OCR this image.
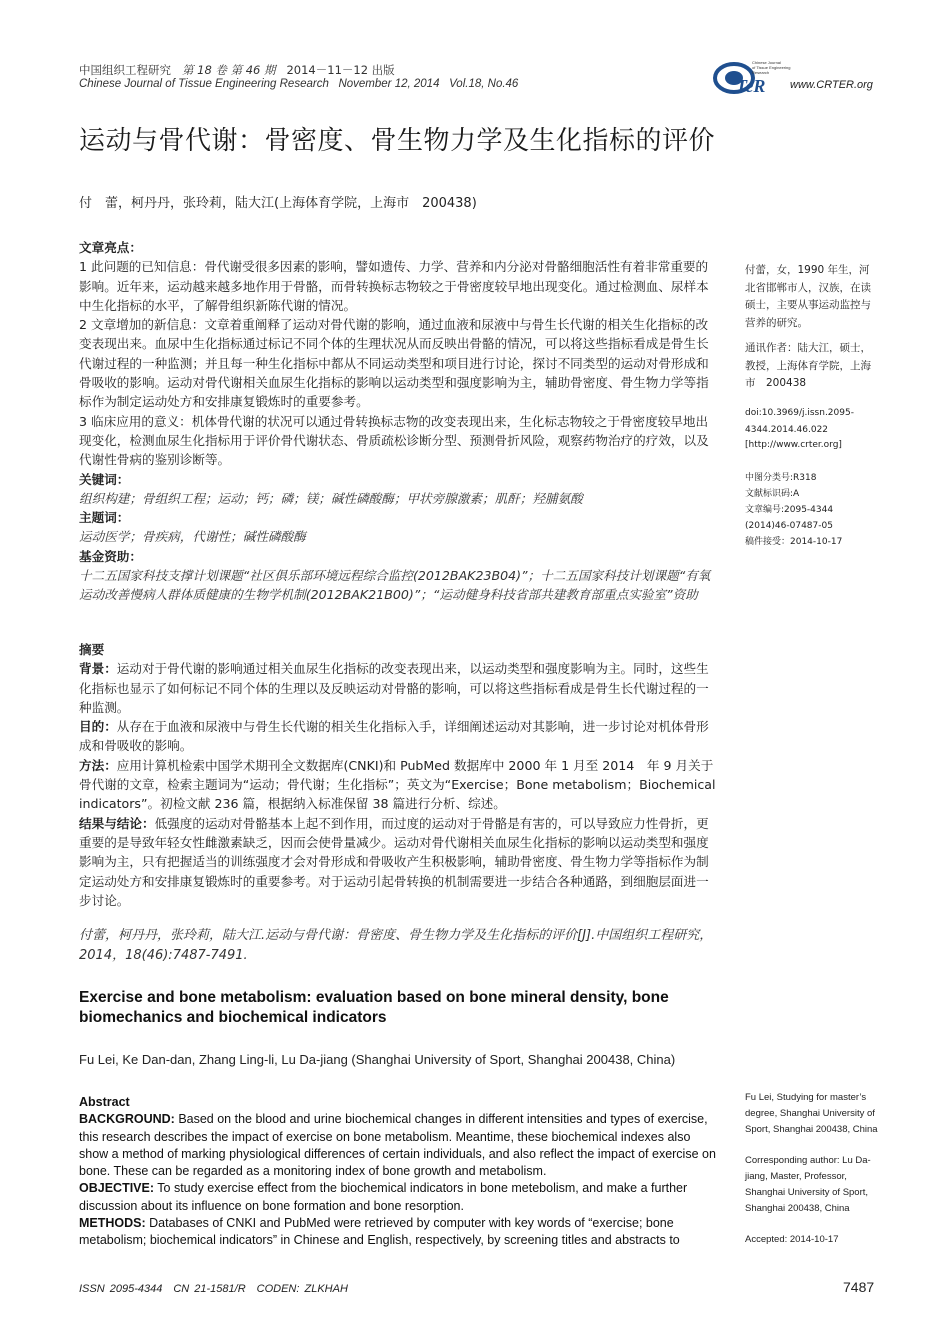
中国组织工程研究 第 18 卷 第 46 期 2014－11－12 出版
Chinese Journal of Tissue Engineering Research November 12, 2014 Vol.18, No.46	TeR
Chinese Journal
of Tissue Engineering
Research
www.CRTER.org
运动与骨代谢：骨密度、骨生物力学及生化指标的评价
付　蕾，柯丹丹，张玲莉，陆大江(上海体育学院，上海市　200438)

文章亮点：

1 此问题的已知信息：骨代谢受很多因素的影响，譬如遗传、力学、营养和内分泌对骨骼细胞活性有着非常重要的影响。近年来，运动越来越多地作用于骨骼，而骨转换标志物较之于骨密度较早地出现变化。通过检测血、尿样本中生化指标的水平，了解骨组织新陈代谢的情况。

2 文章增加的新信息：文章着重阐释了运动对骨代谢的影响，通过血液和尿液中与骨生长代谢的相关生化指标的改变表现出来。血尿中生化指标通过标记不同个体的生理状况从而反映出骨骼的情况，可以将这些指标看成是骨生长代谢过程的一种监测；并且每一种生化指标中都从不同运动类型和项目进行讨论，探讨不同类型的运动对骨形成和骨吸收的影响。运动对骨代谢相关血尿生化指标的影响以运动类型和强度影响为主，辅助骨密度、骨生物力学等指标作为制定运动处方和安排康复锻炼时的重要参考。

3 临床应用的意义：机体骨代谢的状况可以通过骨转换标志物的改变表现出来，生化标志物较之于骨密度较早地出现变化，检测血尿生化指标用于评价骨代谢状态、骨质疏松诊断分型、预测骨折风险，观察药物治疗的疗效，以及代谢性骨病的鉴别诊断等。

关键词：

组织构建；骨组织工程；运动；钙；磷；镁；碱性磷酸酶；甲状旁腺激素；肌酐；羟脯氨酸

主题词：

运动医学；骨疾病，代谢性；碱性磷酸酶

基金资助：

十二五国家科技支撑计划课题“社区俱乐部环境远程综合监控(2012BAK23B04)”；十二五国家科技计划课题“有氧运动改善慢病人群体质健康的生物学机制(2012BAK21B00)”；“运动健身科技省部共建教育部重点实验室”资助

摘要

背景：运动对于骨代谢的影响通过相关血尿生化指标的改变表现出来，以运动类型和强度影响为主。同时，这些生化指标也显示了如何标记不同个体的生理以及反映运动对骨骼的影响，可以将这些指标看成是骨生长代谢过程的一种监测。

目的：从存在于血液和尿液中与骨生长代谢的相关生化指标入手，详细阐述运动对其影响，进一步讨论对机体骨形成和骨吸收的影响。

方法：应用计算机检索中国学术期刊全文数据库(CNKI)和 PubMed 数据库中 2000 年 1 月至 2014　年 9 月关于骨代谢的文章，检索主题词为“运动；骨代谢；生化指标”；英文为“Exercise；Bone metabolism；Biochemical indicators”。初检文献 236 篇，根据纳入标准保留 38 篇进行分析、综述。

结果与结论：低强度的运动对骨骼基本上起不到作用，而过度的运动对于骨骼是有害的，可以导致应力性骨折，更重要的是导致年轻女性雌激素缺乏，因而会使骨量减少。运动对骨代谢相关血尿生化指标的影响以运动类型和强度影响为主，只有把握适当的训练强度才会对骨形成和骨吸收产生积极影响，辅助骨密度、骨生物力学等指标作为制定运动处方和安排康复锻炼时的重要参考。对于运动引起骨转换的机制需要进一步结合各种通路，到细胞层面进一步讨论。

付蕾，柯丹丹，张玲莉，陆大江.运动与骨代谢：骨密度、骨生物力学及生化指标的评价[J].中国组织工程研究，2014，18(46):7487-7491.
Exercise and bone metabolism: evaluation based on bone mineral density, bone biomechanics and biochemical indicators
Fu Lei, Ke Dan-dan, Zhang Ling-li, Lu Da-jiang (Shanghai University of Sport, Shanghai 200438, China)

Abstract

BACKGROUND: Based on the blood and urine biochemical changes in different intensities and types of exercise, this research describes the impact of exercise on bone metabolism. Meantime, these biochemical indexes also show a method of marking physiological differences of certain individuals, and also reflect the impact of exercise on bone. These can be regarded as a monitoring index of bone growth and metabolism.

OBJECTIVE: To study exercise effect from the biochemical indicators in bone metebolism, and make a further discussion about its influence on bone formation and bone resorption.

METHODS: Databases of CNKI and PubMed were retrieved by computer with key words of “exercise; bone metabolism; biochemical indicators” in Chinese and English, respectively, by screening titles and abstracts to

付蕾，女，1990 年生，河北省邯郸市人，汉族，在读硕士，主要从事运动监控与营养的研究。
通讯作者：陆大江，硕士，教授，上海体育学院，上海市　200438
doi:10.3969/j.issn.2095-4344.2014.46.022
[http://www.crter.org]
中图分类号:R318
文献标识码:A
文章编号:2095-4344
(2014)46-07487-05
稿件接受：2014-10-17
Fu Lei, Studying for master’s degree, Shanghai University of Sport, Shanghai 200438, China
Corresponding author: Lu Da-jiang, Master, Professor, Shanghai University of Sport, Shanghai 200438, China
Accepted: 2014-10-17
ISSN 2095-4344　CN 21-1581/R　CODEN: ZLKHAH	7487
